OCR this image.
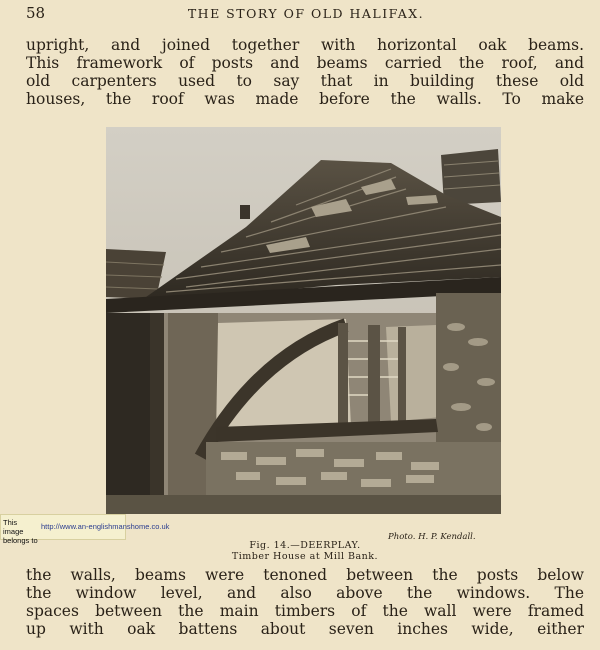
58	THE STORY OF OLD HALIFAX.
upright, and joined together with horizontal oak beams.
This framework of posts and beams carried the roof, and
old carpenters used to say that in building these old
houses, the roof was made before the walls. To make
Photo. H. P. Kendall.
Fig. 14.—DEERPLAY.
Timber House at Mill Bank.
the walls, beams were tenoned between the posts below
the window level, and also above the windows. The
spaces between the main timbers of the wall were framed
up with oak battens about seven inches wide, either
This image belongs to
http://www.an-englishmanshome.co.uk
